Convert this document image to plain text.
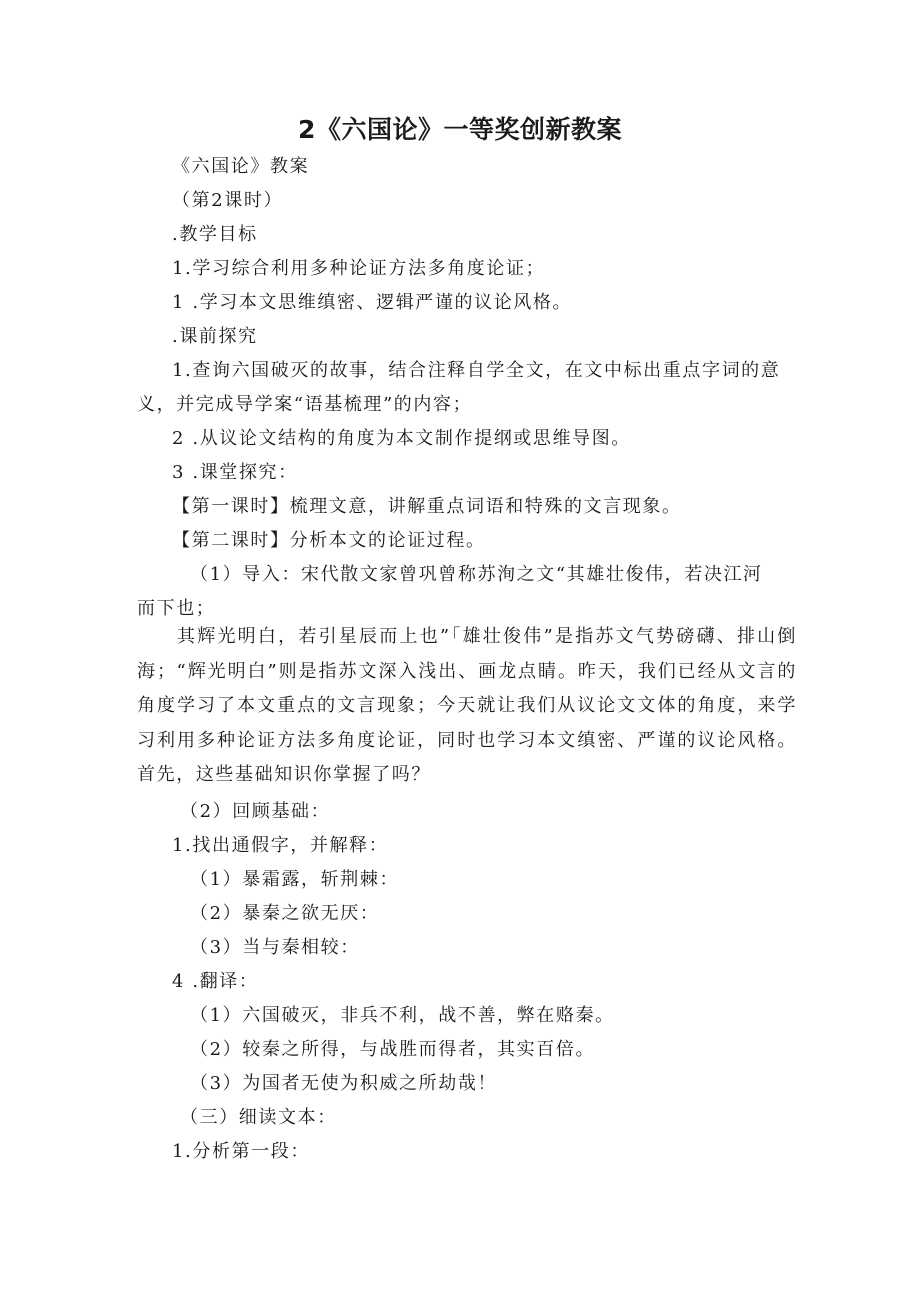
2《六国论》一等奖创新教案
《六国论》教案
（第2课时）
.教学目标
1.学习综合利用多种论证方法多角度论证；
1 .学习本文思维缜密、逻辑严谨的议论风格。
.课前探究
1.查询六国破灭的故事，结合注释自学全文，在文中标出重点字词的意
义，并完成导学案“语基梳理”的内容；
2 .从议论文结构的角度为本文制作提纲或思维导图。
3 .课堂探究：
【第一课时】梳理文意，讲解重点词语和特殊的文言现象。
【第二课时】分析本文的论证过程。
（1）导入：宋代散文家曾巩曾称苏洵之文“其雄壮俊伟，若决江河
而下也；
其辉光明白，若引星辰而上也”「雄壮俊伟”是指苏文气势磅礴、排山倒海；“辉光明白”则是指苏文深入浅出、画龙点睛。昨天，我们已经从文言的角度学习了本文重点的文言现象；今天就让我们从议论文文体的角度，来学习利用多种论证方法多角度论证，同时也学习本文缜密、严谨的议论风格。首先，这些基础知识你掌握了吗？
（2）回顾基础：
1.找出通假字，并解释：
（1）暴霜露，斩荆棘：
（2）暴秦之欲无厌：
（3）当与秦相较：
4 .翻译：
（1）六国破灭，非兵不利，战不善，弊在赂秦。
（2）较秦之所得，与战胜而得者，其实百倍。
（3）为国者无使为积威之所劫哉！
（三）细读文本：
1.分析第一段：
